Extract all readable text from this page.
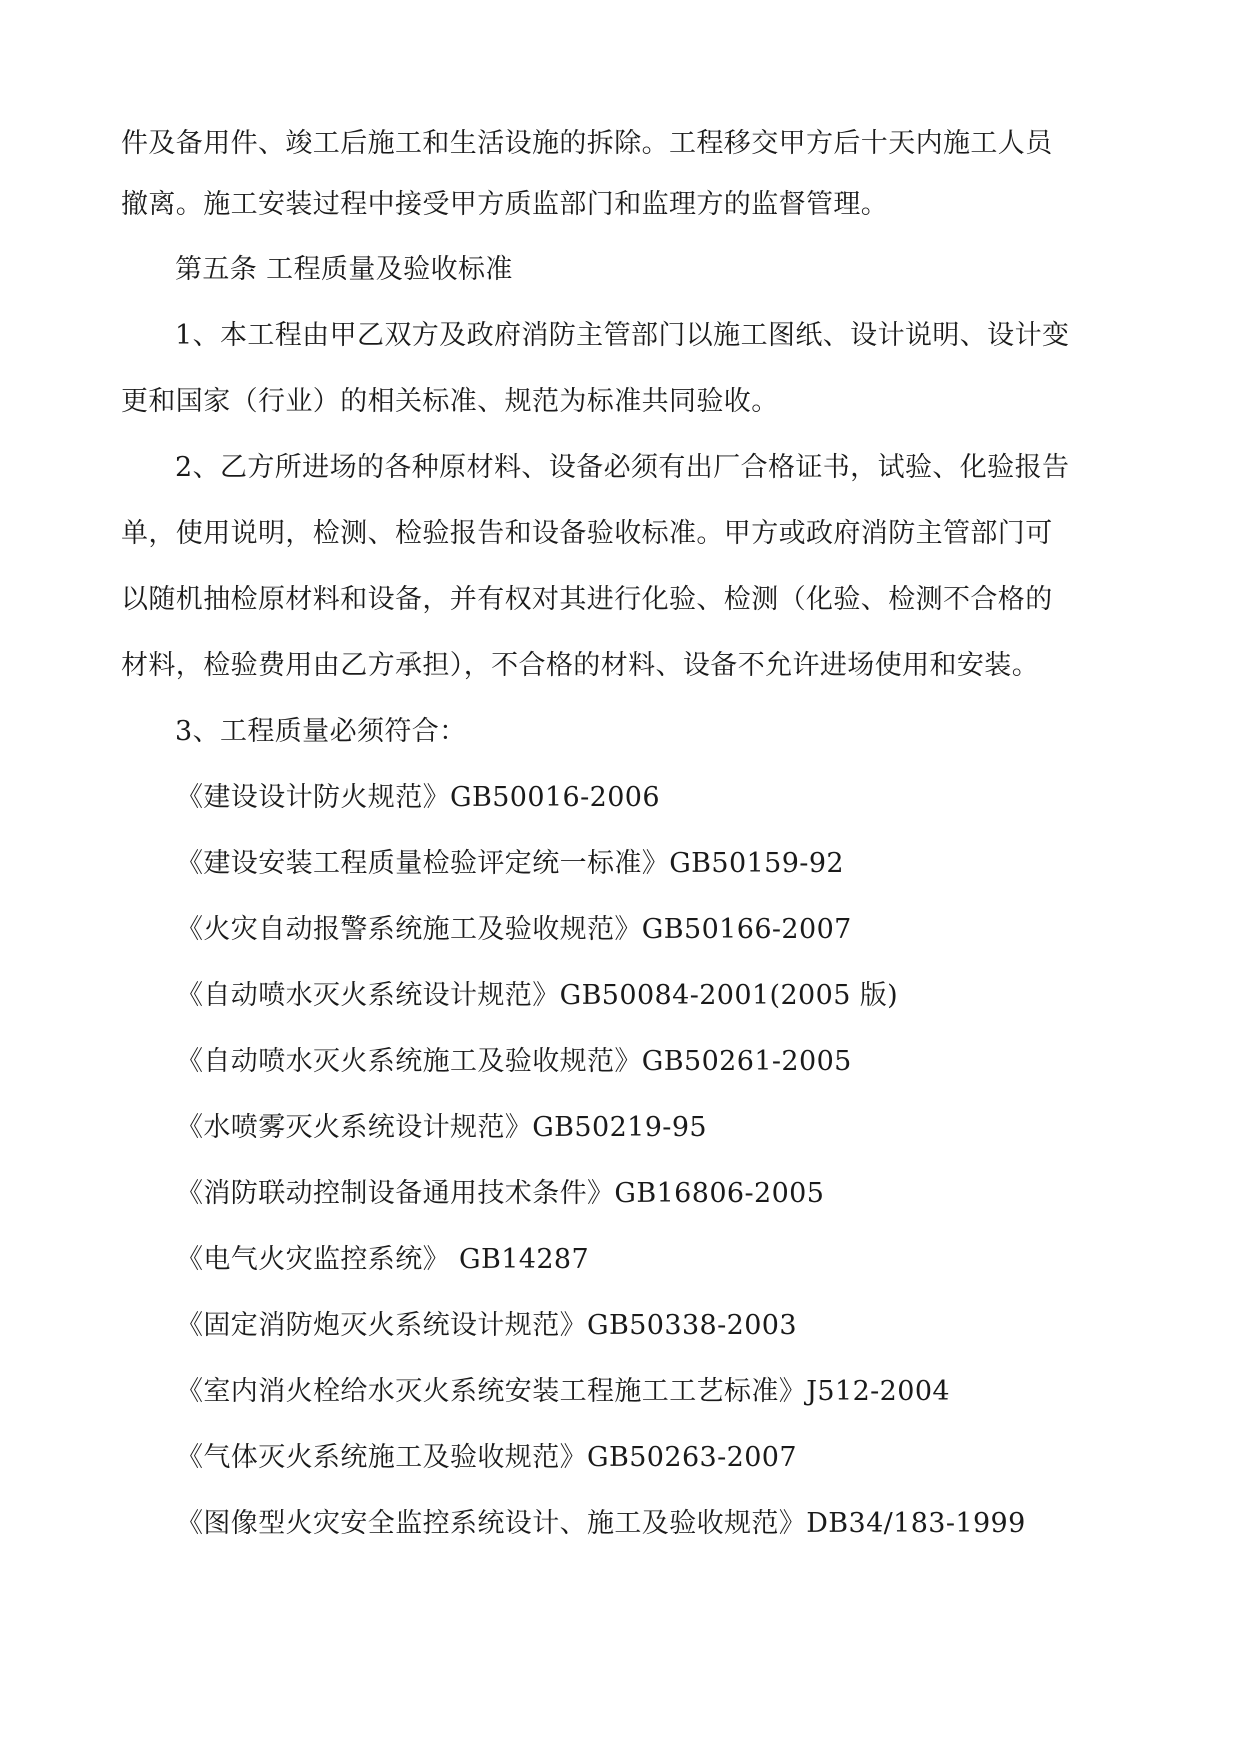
件及备用件、竣工后施工和生活设施的拆除。工程移交甲方后十天内施工人员
撤离。施工安装过程中接受甲方质监部门和监理方的监督管理。
第五条 工程质量及验收标准
1、本工程由甲乙双方及政府消防主管部门以施工图纸、设计说明、设计变
更和国家（行业）的相关标准、规范为标准共同验收。
2、乙方所进场的各种原材料、设备必须有出厂合格证书，试验、化验报告
单，使用说明，检测、检验报告和设备验收标准。甲方或政府消防主管部门可
以随机抽检原材料和设备，并有权对其进行化验、检测（化验、检测不合格的
材料，检验费用由乙方承担），不合格的材料、设备不允许进场使用和安装。
3、工程质量必须符合：
《建设设计防火规范》GB50016-2006
《建设安装工程质量检验评定统一标准》GB50159-92
《火灾自动报警系统施工及验收规范》GB50166-2007
《自动喷水灭火系统设计规范》GB50084-2001(2005 版)
《自动喷水灭火系统施工及验收规范》GB50261-2005
《水喷雾灭火系统设计规范》GB50219-95
《消防联动控制设备通用技术条件》GB16806-2005
《电气火灾监控系统》 GB14287
《固定消防炮灭火系统设计规范》GB50338-2003
《室内消火栓给水灭火系统安装工程施工工艺标准》J512-2004
《气体灭火系统施工及验收规范》GB50263-2007
《图像型火灾安全监控系统设计、施工及验收规范》DB34/183-1999
